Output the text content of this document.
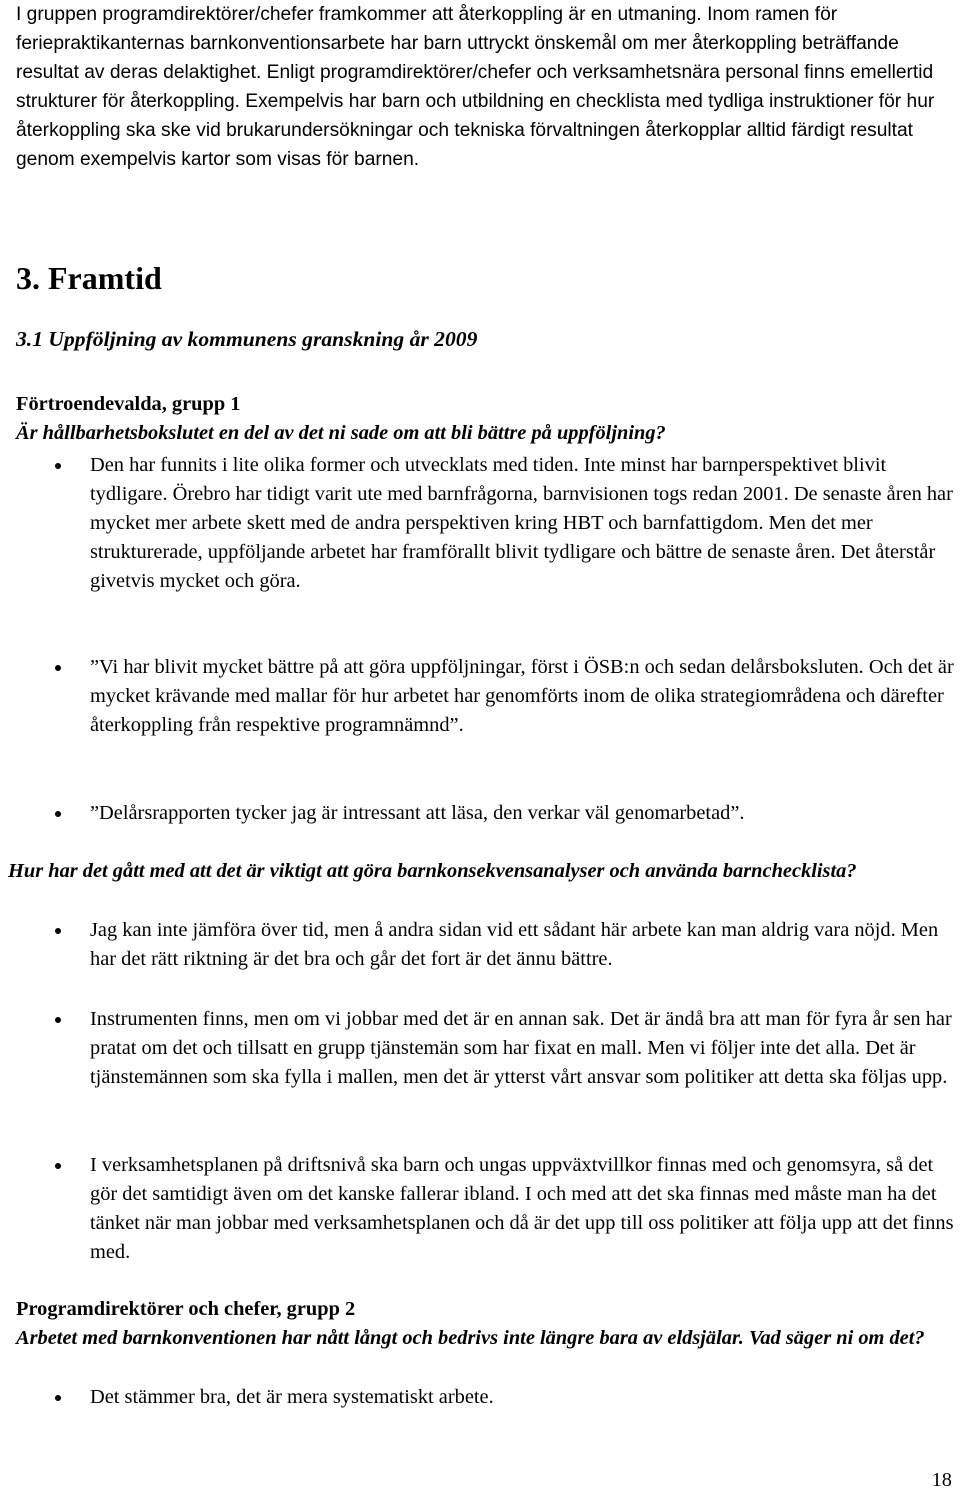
I gruppen programdirektörer/chefer framkommer att återkoppling är en utmaning. Inom ramen för feriepraktikanternas barnkonventionsarbete har barn uttryckt önskemål om mer återkoppling beträffande resultat av deras delaktighet. Enligt programdirektörer/chefer och verksamhetsnära personal finns emellertid strukturer för återkoppling. Exempelvis har barn och utbildning en checklista med tydliga instruktioner för hur återkoppling ska ske vid brukarundersökningar och tekniska förvaltningen återkopplar alltid färdigt resultat genom exempelvis kartor som visas för barnen.

3. Framtid
3.1 Uppföljning av kommunens granskning år 2009

Förtroendevalda, grupp 1

Är hållbarhetsbokslutet en del av det ni sade om att bli bättre på uppföljning?

Den har funnits i lite olika former och utvecklats med tiden. Inte minst har barnperspektivet blivit tydligare. Örebro har tidigt varit ute med barnfrågorna, barnvisionen togs redan 2001. De senaste åren har mycket mer arbete skett med de andra perspektiven kring HBT och barnfattigdom. Men det mer strukturerade, uppföljande arbetet har framförallt blivit tydligare och bättre de senaste åren. Det återstår givetvis mycket och göra.

”Vi har blivit mycket bättre på att göra uppföljningar, först i ÖSB:n och sedan delårsboksluten. Och det är mycket krävande med mallar för hur arbetet har genomförts inom de olika strategiområdena och därefter återkoppling från respektive programnämnd”.

”Delårsrapporten tycker jag är intressant att läsa, den verkar väl genomarbetad”.

Hur har det gått med att det är viktigt att göra barnkonsekvensanalyser och använda barnchecklista?

Jag kan inte jämföra över tid, men å andra sidan vid ett sådant här arbete kan man aldrig vara nöjd. Men har det rätt riktning är det bra och går det fort är det ännu bättre.

Instrumenten finns, men om vi jobbar med det är en annan sak. Det är ändå bra att man för fyra år sen har pratat om det och tillsatt en grupp tjänstemän som har fixat en mall. Men vi följer inte det alla. Det är tjänstemännen som ska fylla i mallen, men det är ytterst vårt ansvar som politiker att detta ska följas upp.

I verksamhetsplanen på driftsnivå ska barn och ungas uppväxtvillkor finnas med och genomsyra, så det gör det samtidigt även om det kanske fallerar ibland. I och med att det ska finnas med måste man ha det tänket när man jobbar med verksamhetsplanen och då är det upp till oss politiker att följa upp att det finns med.

Programdirektörer och chefer, grupp 2

Arbetet med barnkonventionen har nått långt och bedrivs inte längre bara av eldsjälar. Vad säger ni om det?

Det stämmer bra, det är mera systematiskt arbete.

18
